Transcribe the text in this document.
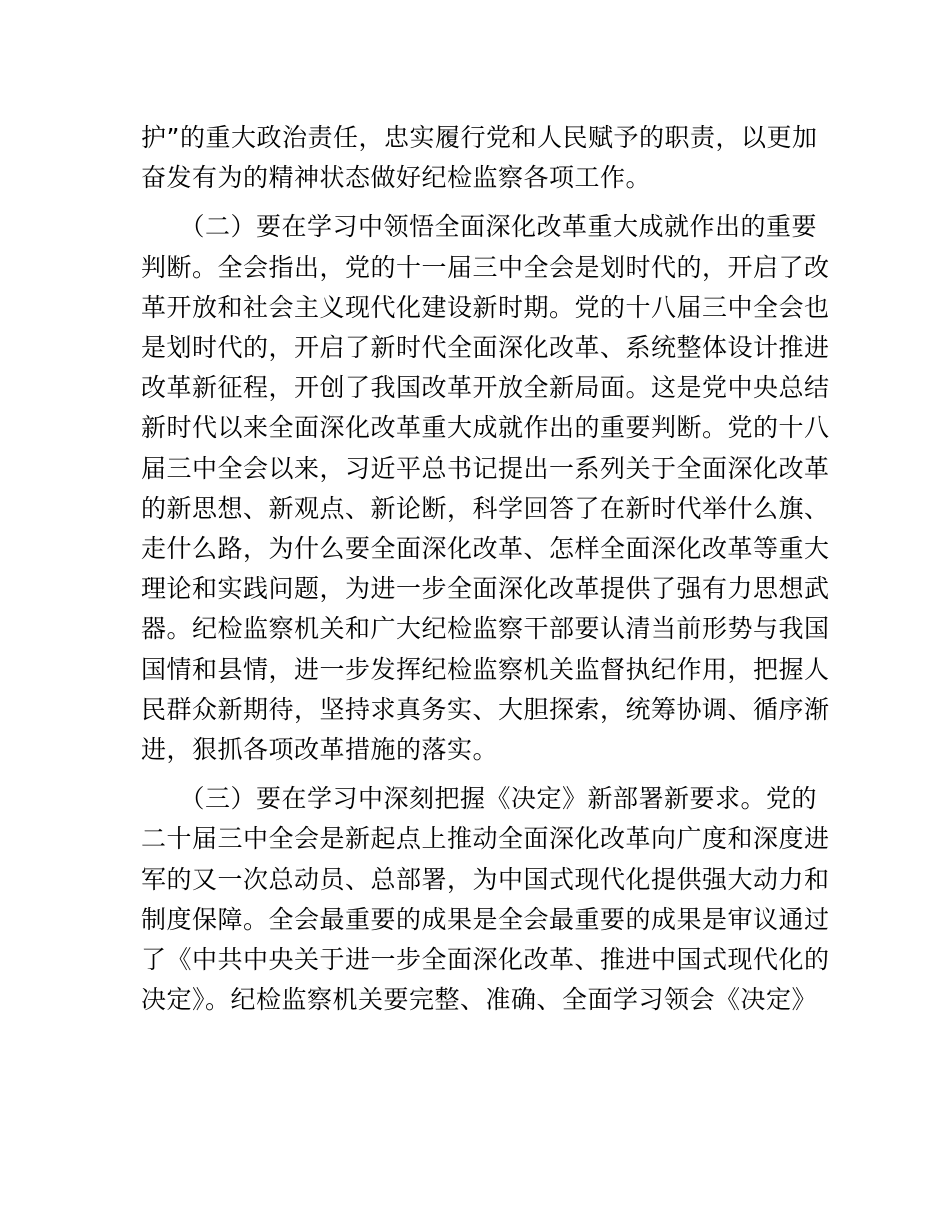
护”的重大政治责任，忠实履行党和人民赋予的职责，以更加
奋发有为的精神状态做好纪检监察各项工作。
　　（二）要在学习中领悟全面深化改革重大成就作出的重要
判断。全会指出，党的十一届三中全会是划时代的，开启了改
革开放和社会主义现代化建设新时期。党的十八届三中全会也
是划时代的，开启了新时代全面深化改革、系统整体设计推进
改革新征程，开创了我国改革开放全新局面。这是党中央总结
新时代以来全面深化改革重大成就作出的重要判断。党的十八
届三中全会以来，习近平总书记提出一系列关于全面深化改革
的新思想、新观点、新论断，科学回答了在新时代举什么旗、
走什么路，为什么要全面深化改革、怎样全面深化改革等重大
理论和实践问题，为进一步全面深化改革提供了强有力思想武
器。纪检监察机关和广大纪检监察干部要认清当前形势与我国
国情和县情，进一步发挥纪检监察机关监督执纪作用，把握人
民群众新期待，坚持求真务实、大胆探索，统筹协调、循序渐
进，狠抓各项改革措施的落实。
　　（三）要在学习中深刻把握《决定》新部署新要求。党的
二十届三中全会是新起点上推动全面深化改革向广度和深度进
军的又一次总动员、总部署，为中国式现代化提供强大动力和
制度保障。全会最重要的成果是全会最重要的成果是审议通过
了《中共中央关于进一步全面深化改革、推进中国式现代化的
决定》。纪检监察机关要完整、准确、全面学习领会《决定》
